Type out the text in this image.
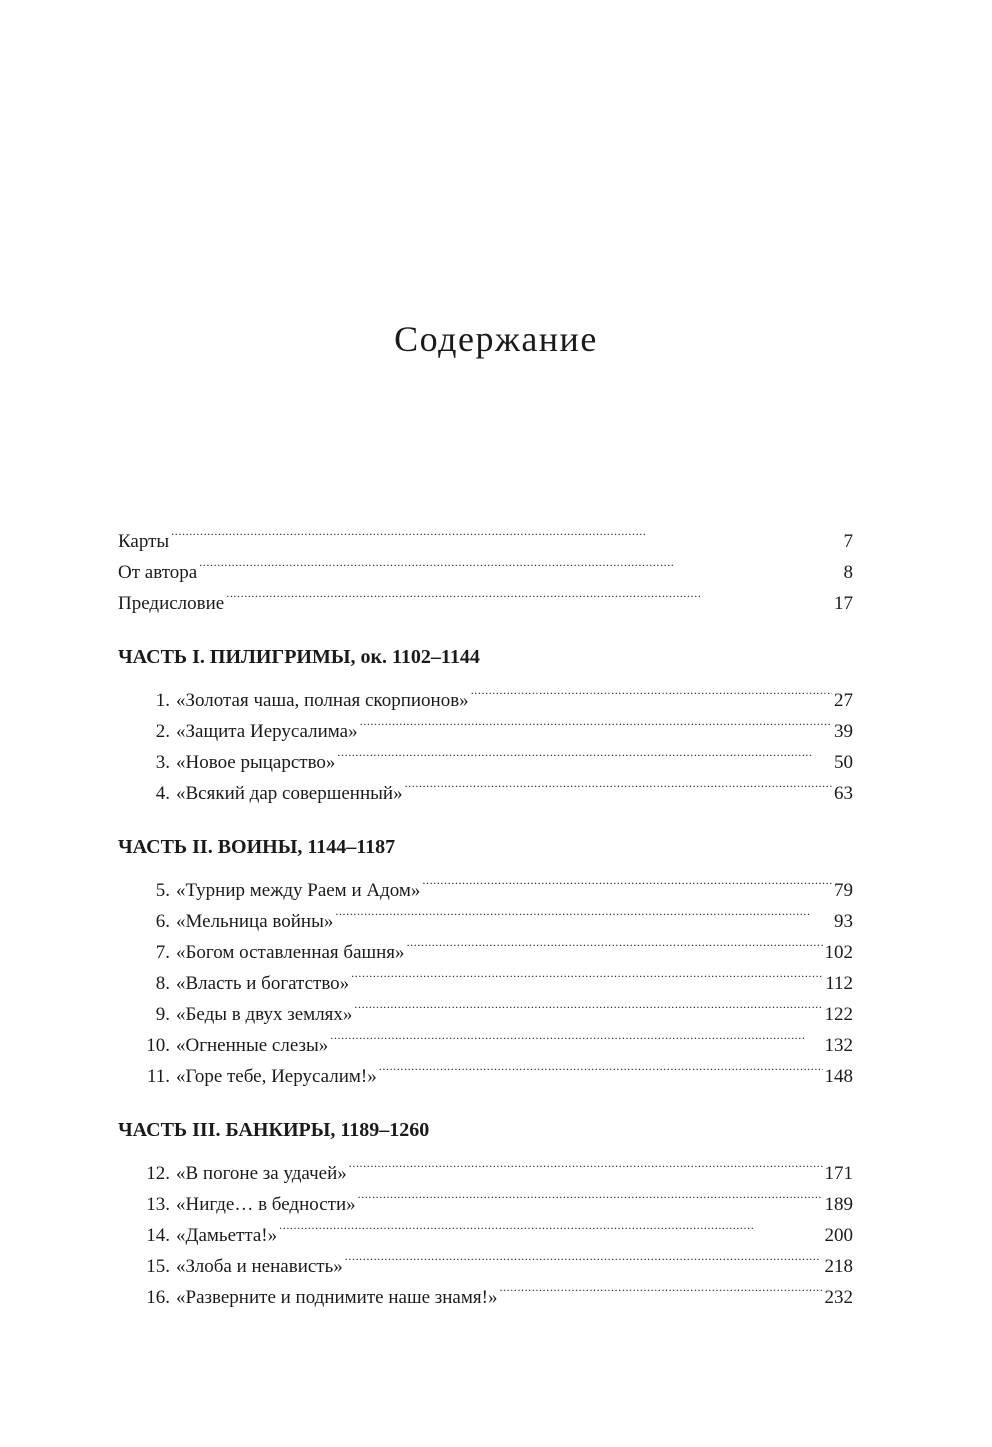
Содержание
Карты . . .	7
От автора . . .	8
Предисловие . . .	17
ЧАСТЬ I. ПИЛИГРИМЫ, ок. 1102–1144
1. «Золотая чаша, полная скорпионов» . . .	27
2. «Защита Иерусалима» . . .	39
3. «Новое рыцарство» . . .	50
4. «Всякий дар совершенный» . . .	63
ЧАСТЬ II. ВОИНЫ, 1144–1187
5. «Турнир между Раем и Адом» . . .	79
6. «Мельница войны» . . .	93
7. «Богом оставленная башня» . . .	102
8. «Власть и богатство» . . .	112
9. «Беды в двух землях» . . .	122
10. «Огненные слезы» . . .	132
11. «Горе тебе, Иерусалим!» . . .	148
ЧАСТЬ III. БАНКИРЫ, 1189–1260
12. «В погоне за удачей» . . .	171
13. «Нигде… в бедности» . . .	189
14. «Дамьетта!» . . .	200
15. «Злоба и ненависть» . . .	218
16. «Разверните и поднимите наше знамя!» . . .	232
